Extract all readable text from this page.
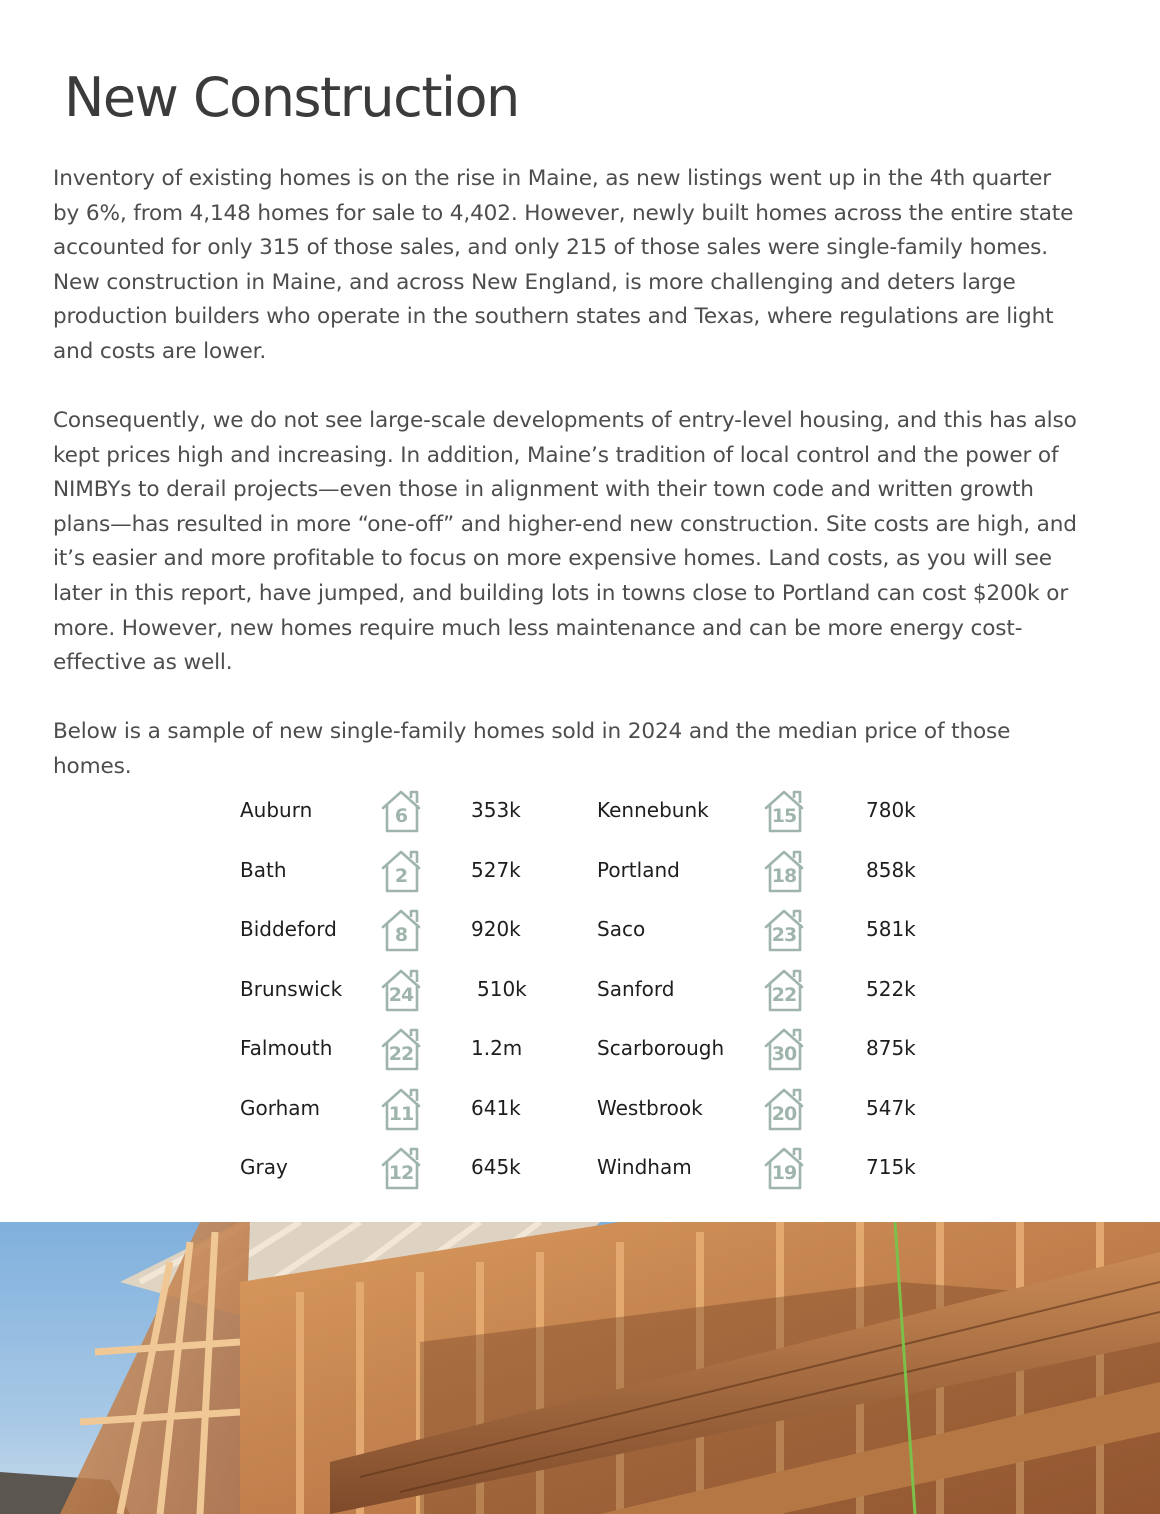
New Construction

Inventory of existing homes is on the rise in Maine, as new listings went up in the 4th quarter by 6%, from 4,148 homes for sale to 4,402. However, newly built homes across the entire state accounted for only 315 of those sales, and only 215 of those sales were single-family homes. New construction in Maine, and across New England, is more challenging and deters large production builders who operate in the southern states and Texas, where regulations are light and costs are lower.

Consequently, we do not see large-scale developments of entry-level housing, and this has also kept prices high and increasing. In addition, Maine’s tradition of local control and the power of NIMBYs to derail projects—even those in alignment with their town code and written growth plans—has resulted in more “one-off” and higher-end new construction. Site costs are high, and it’s easier and more profitable to focus on more expensive homes. Land costs, as you will see later in this report, have jumped, and building lots in towns close to Portland can cost $200k or more. However, new homes require much less maintenance and can be more energy cost-effective as well.

Below is a sample of new single-family homes sold in 2024 and the median price of those homes.

Auburn	6	353k
Bath	2	527k
Biddeford	8	920k
Brunswick	24	510k
Falmouth	22	1.2m
Gorham	11	641k
Gray	12	645k
Kennebunk	15	780k
Portland	18	858k
Saco	23	581k
Sanford	22	522k
Scarborough	30	875k
Westbrook	20	547k
Windham	19	715k
